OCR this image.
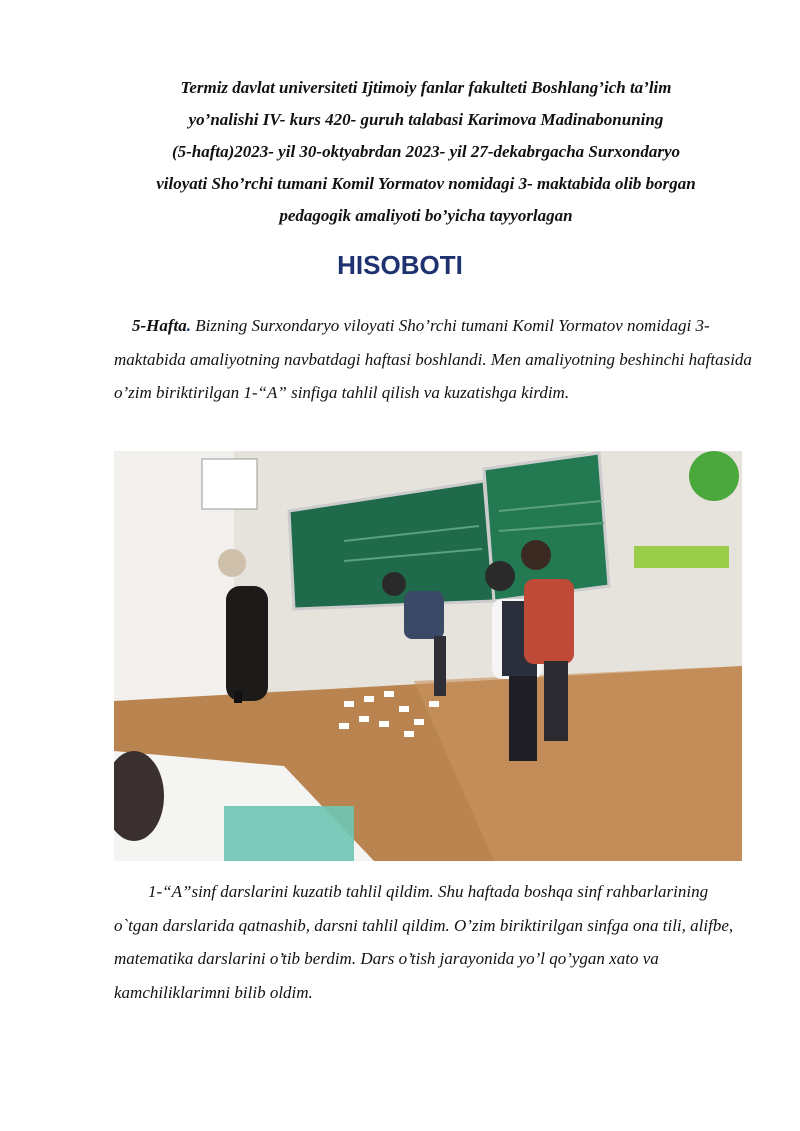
Termiz davlat universiteti Ijtimoiy fanlar fakulteti Boshlang’ich ta’lim
yo’nalishi IV- kurs 420- guruh talabasi Karimova Madinabonuning
(5-hafta)2023- yil 30-oktyabrdan 2023- yil 27-dekabrgacha Surxondaryo
viloyati Sho’rchi tumani Komil Yormatov nomidagi 3- maktabida olib borgan
pedagogik amaliyoti bo’yicha tayyorlagan
HISOBOTI

5-Hafta. Bizning Surxondaryo viloyati Sho’rchi tumani Komil Yormatov nomidagi 3-maktabida amaliyotning navbatdagi haftasi boshlandi. Men amaliyotning beshinchi haftasida o’zim biriktirilgan 1-“A” sinfiga tahlil qilish va kuzatishga kirdim.

1-“A”sinf darslarini kuzatib tahlil qildim. Shu haftada boshqa sinf rahbarlarining o`tgan darslarida qatnashib, darsni tahlil qildim. O’zim biriktirilgan sinfga ona tili, alifbe, matematika darslarini o’tib berdim. Dars o’tish jarayonida yo’l qo’ygan xato va kamchiliklarimni bilib oldim.
